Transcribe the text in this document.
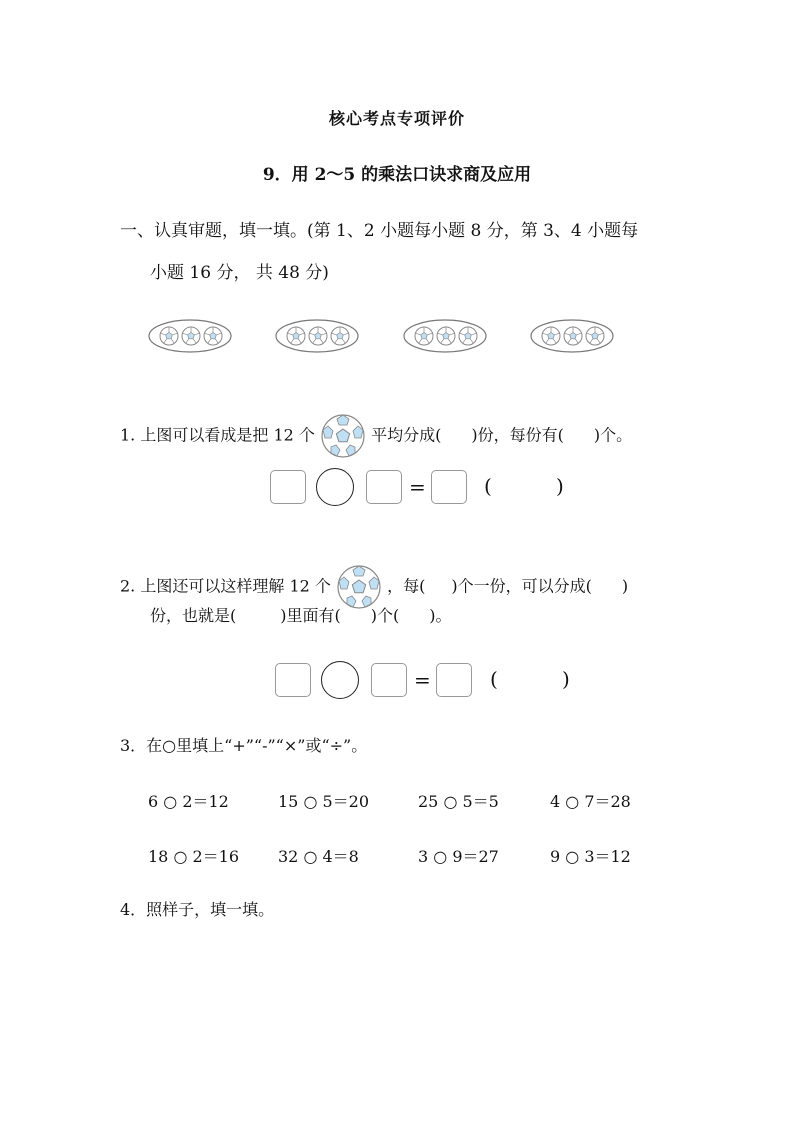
核心考点专项评价
9．用 2～5 的乘法口诀求商及应用
一、认真审题，填一填。(第 1、2 小题每小题 8 分，第 3、4 小题每
小题 16 分， 共 48 分)
1. 上图可以看成是把 12 个	平均分成( )份，每份有( )个。
=	(	)
2. 上图还可以这样理解 12 个	，每( )个一份，可以分成( )
份，也就是(	)里面有( )个( )。
=	(	)
3．在○里填上“+”“-”“×”或“÷”。
6 ○ 2＝12	15 ○ 5＝20	25 ○ 5＝5	4 ○ 7＝28
18 ○ 2＝16 32 ○ 4＝8	3 ○ 9＝27	9 ○ 3＝12
4．照样子，填一填。
